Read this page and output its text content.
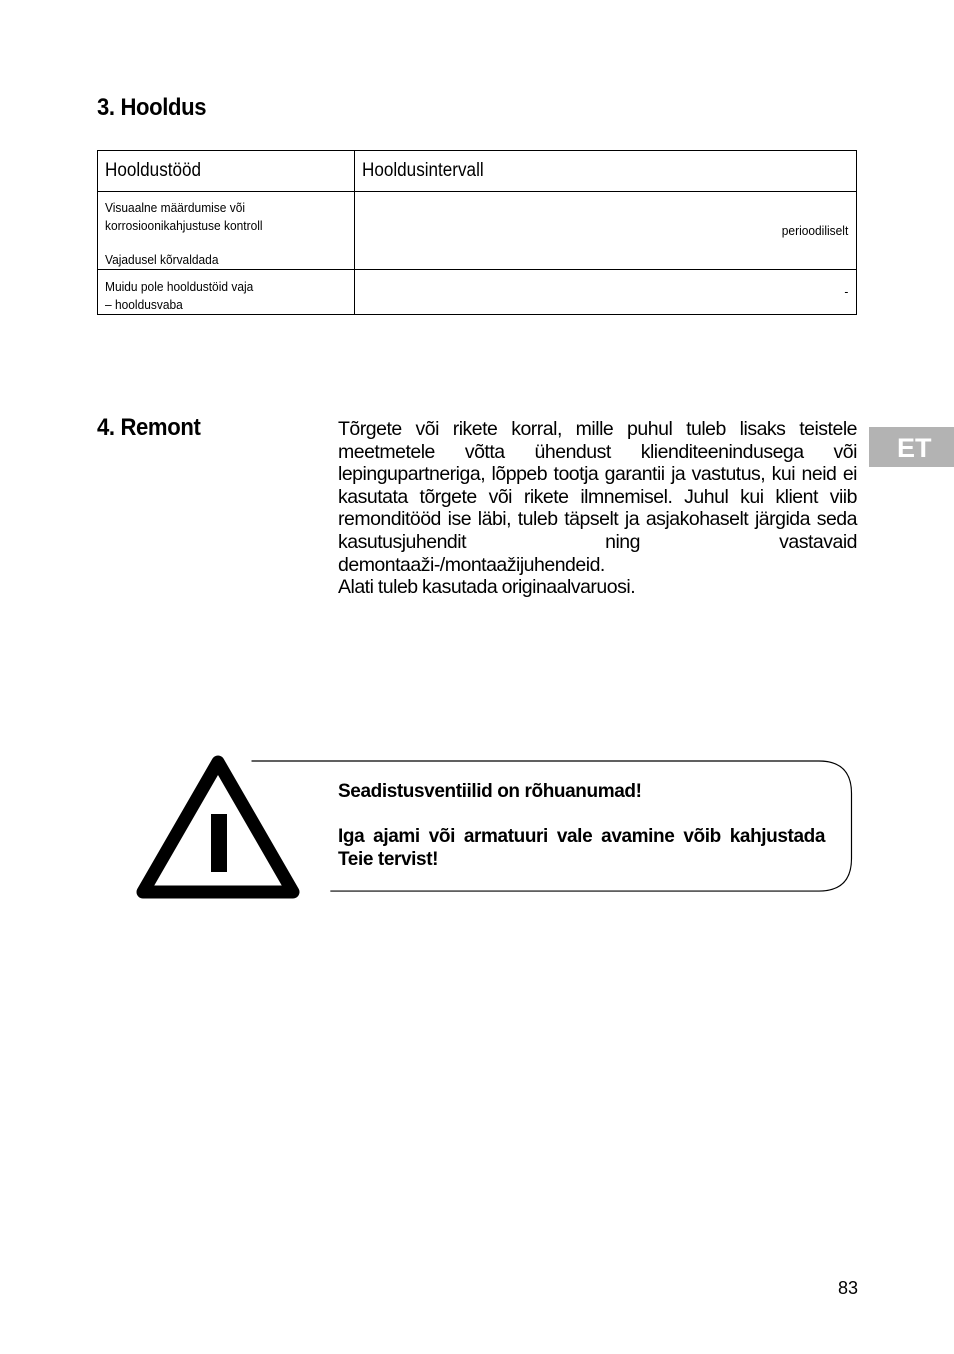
3. Hooldus
Hooldustööd	Hooldusintervall

Visuaalne määrdumise või
korrosioonikahjustuse kontroll
Vajadusel kõrvaldada	perioodiliselt

Muidu pole hooldustöid vaja
– hooldusvaba	-
4. Remont	Tõrgete või rikete korral, mille puhul tuleb lisaks teistele meetmetele võtta ühendust klienditeenindusega või lepingupartneriga, lõppeb tootja garantii ja vastutus, kui neid ei kasutata tõrgete või rikete ilmnemisel. Juhul kui klient viib remonditööd ise läbi, tuleb täpselt ja asjakohaselt järgida seda kasutusjuhendit ning vastavaid demontaaži-/montaažijuhendeid.
Alati tuleb kasutada originaalvaruosi.
ET

Seadistusventiilid on rõhuanumad!

Iga ajami või armatuuri vale avamine võib kahjustada Teie tervist!

83
